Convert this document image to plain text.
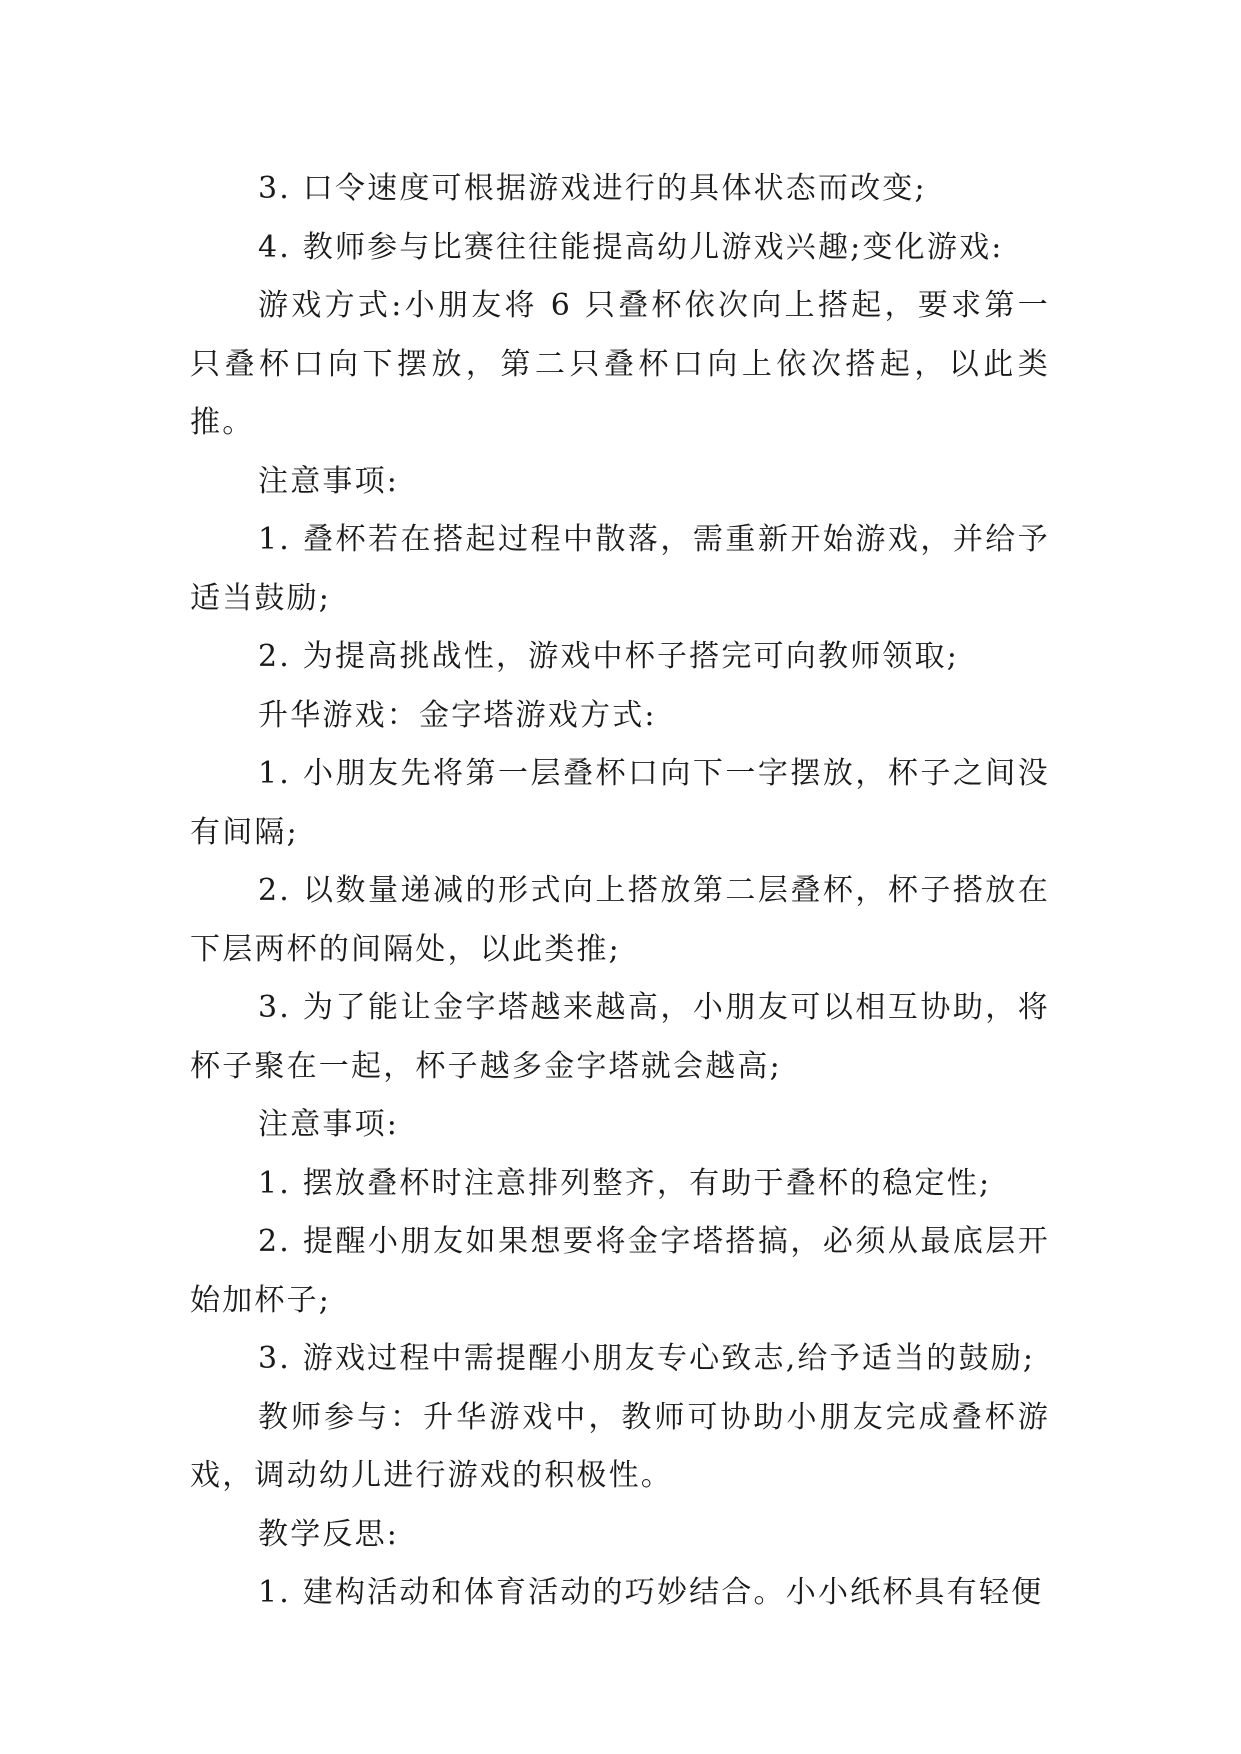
3. 口令速度可根据游戏进行的具体状态而改变;

4. 教师参与比赛往往能提高幼儿游戏兴趣;变化游戏:

游戏方式:小朋友将 6 只叠杯依次向上搭起，要求第一只叠杯口向下摆放，第二只叠杯口向上依次搭起，以此类推。

注意事项:

1. 叠杯若在搭起过程中散落，需重新开始游戏，并给予适当鼓励;

2. 为提高挑战性，游戏中杯子搭完可向教师领取;

升华游戏：金字塔游戏方式:

1. 小朋友先将第一层叠杯口向下一字摆放，杯子之间没有间隔;

2. 以数量递减的形式向上搭放第二层叠杯，杯子搭放在下层两杯的间隔处，以此类推;

3. 为了能让金字塔越来越高，小朋友可以相互协助，将杯子聚在一起，杯子越多金字塔就会越高;

注意事项:

1. 摆放叠杯时注意排列整齐，有助于叠杯的稳定性;

2. 提醒小朋友如果想要将金字塔搭搞，必须从最底层开始加杯子;

3. 游戏过程中需提醒小朋友专心致志,给予适当的鼓励;

教师参与：升华游戏中，教师可协助小朋友完成叠杯游戏，调动幼儿进行游戏的积极性。

教学反思:

1. 建构活动和体育活动的巧妙结合。小小纸杯具有轻便
